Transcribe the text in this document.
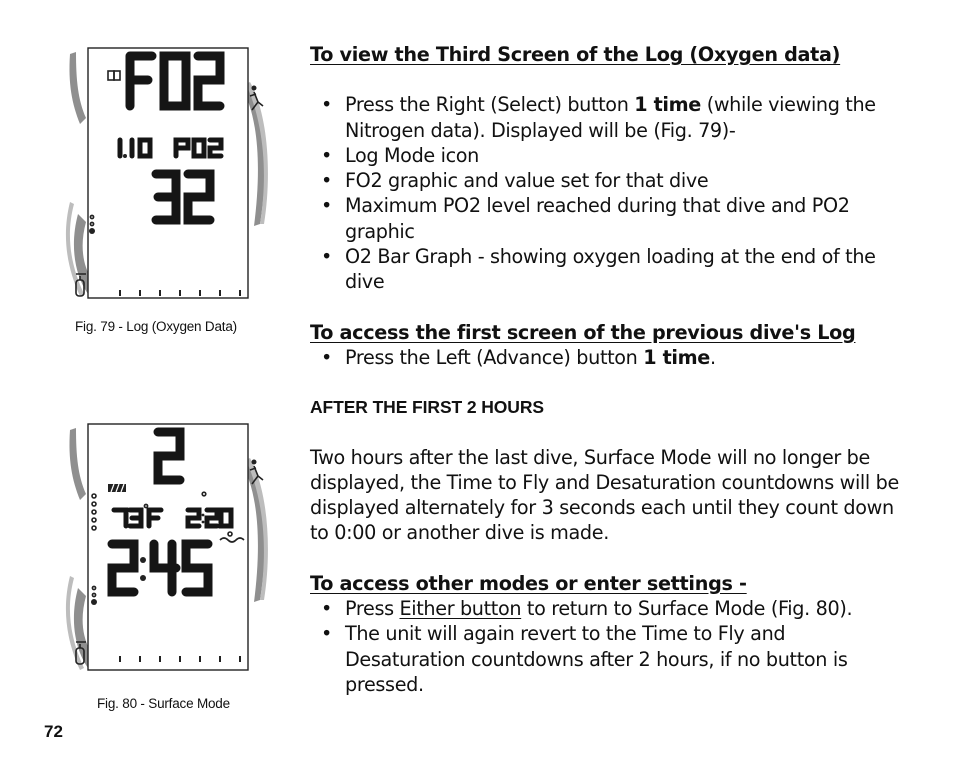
Fig. 79 - Log (Oxygen Data)
Fig. 80 - Surface Mode
72
To view the Third Screen of the Log (Oxygen data)
• Press the Right (Select) button 1 time (while viewing the Nitrogen data). Displayed will be (Fig. 79)-
• Log Mode icon
• FO2 graphic and value set for that dive
• Maximum PO2 level reached during that dive and PO2 graphic
• O2 Bar Graph - showing oxygen loading at the end of the dive
To access the first screen of the previous dive's Log
• Press the Left (Advance) button 1 time.

AFTER THE FIRST 2 HOURS

Two hours after the last dive, Surface Mode will no longer be displayed, the Time to Fly and Desaturation countdowns will be displayed alternately for 3 seconds each until they count down to 0:00 or another dive is made.

To access other modes or enter settings -
• Press Either button to return to Surface Mode (Fig. 80).
• The unit will again revert to the Time to Fly and Desaturation countdowns after 2 hours, if no button is pressed.
